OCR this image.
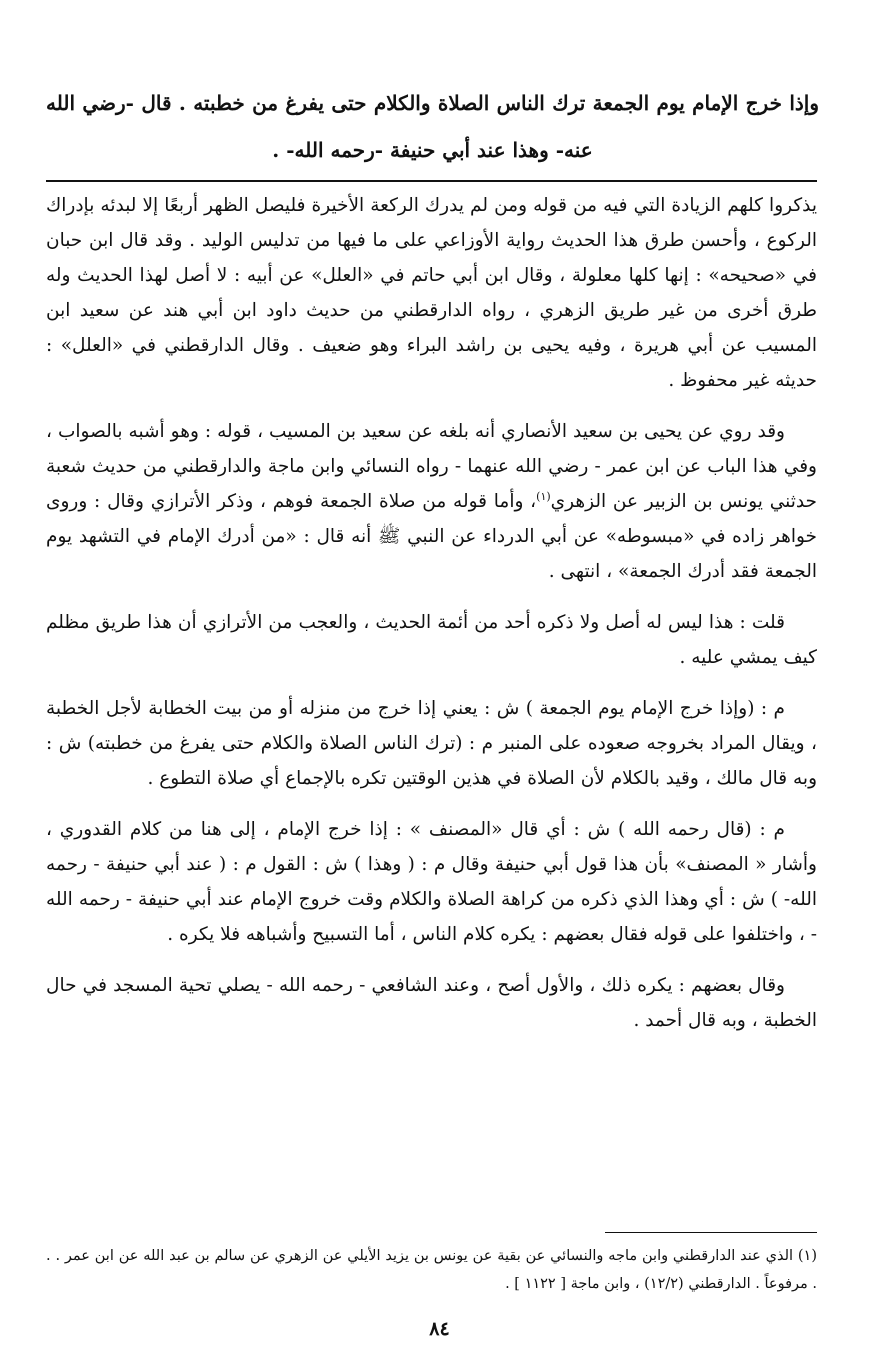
وإذا خرج الإمام يوم الجمعة ترك الناس الصلاة والكلام حتى يفرغ من خطبته . قال -رضي الله عنه- وهذا عند أبي حنيفة -رحمه الله- .

يذكروا كلهم الزيادة التي فيه من قوله ومن لم يدرك الركعة الأخيرة فليصل الظهر أربعًا إلا لبدئه بإدراك الركوع ، وأحسن طرق هذا الحديث رواية الأوزاعي على ما فيها من تدليس الوليد . وقد قال ابن حبان في «صحيحه» : إنها كلها معلولة ، وقال ابن أبي حاتم في «العلل» عن أبيه : لا أصل لهذا الحديث وله طرق أخرى من غير طريق الزهري ، رواه الدارقطني من حديث داود ابن أبي هند عن سعيد ابن المسيب عن أبي هريرة ، وفيه يحيى بن راشد البراء وهو ضعيف . وقال الدارقطني في «العلل» : حديثه غير محفوظ .

وقد روي عن يحيى بن سعيد الأنصاري أنه بلغه عن سعيد بن المسيب ، قوله : وهو أشبه بالصواب ، وفي هذا الباب عن ابن عمر - رضي الله عنهما - رواه النسائي وابن ماجة والدارقطني من حديث شعبة حدثني يونس بن الزبير عن الزهري$^{(١)}$، وأما قوله من صلاة الجمعة فوهم ، وذكر الأترازي وقال : وروى خواهر زاده في «مبسوطه» عن أبي الدرداء عن النبي ﷺ أنه قال : «من أدرك الإمام في التشهد يوم الجمعة فقد أدرك الجمعة» ، انتهى .

قلت : هذا ليس له أصل ولا ذكره أحد من أئمة الحديث ، والعجب من الأترازي أن هذا طريق مظلم كيف يمشي عليه .

م : (وإذا خرج الإمام يوم الجمعة ) ش : يعني إذا خرج من منزله أو من بيت الخطابة لأجل الخطبة ، ويقال المراد بخروجه صعوده على المنبر م : (ترك الناس الصلاة والكلام حتى يفرغ من خطبته) ش : وبه قال مالك ، وقيد بالكلام لأن الصلاة في هذين الوقتين تكره بالإجماع أي صلاة التطوع .

م : (قال رحمه الله ) ش : أي قال «المصنف » : إذا خرج الإمام ، إلى هنا من كلام القدوري ، وأشار « المصنف» بأن هذا قول أبي حنيفة وقال م : ( وهذا ) ش : القول م : ( عند أبي حنيفة - رحمه الله- ) ش : أي وهذا الذي ذكره من كراهة الصلاة والكلام وقت خروج الإمام عند أبي حنيفة - رحمه الله - ، واختلفوا على قوله فقال بعضهم : يكره كلام الناس ، أما التسبيح وأشباهه فلا يكره .

وقال بعضهم : يكره ذلك ، والأول أصح ، وعند الشافعي - رحمه الله - يصلي تحية المسجد في حال الخطبة ، وبه قال أحمد .

(١) الذي عند الدارقطني وابن ماجه والنسائي عن بقية عن يونس بن يزيد الأيلي عن الزهري عن سالم بن عبد الله عن ابن عمر . . . مرفوعاً . الدارقطني (١٢/٢) ، وابن ماجة [ ١١٢٢ ] .

٨٤
